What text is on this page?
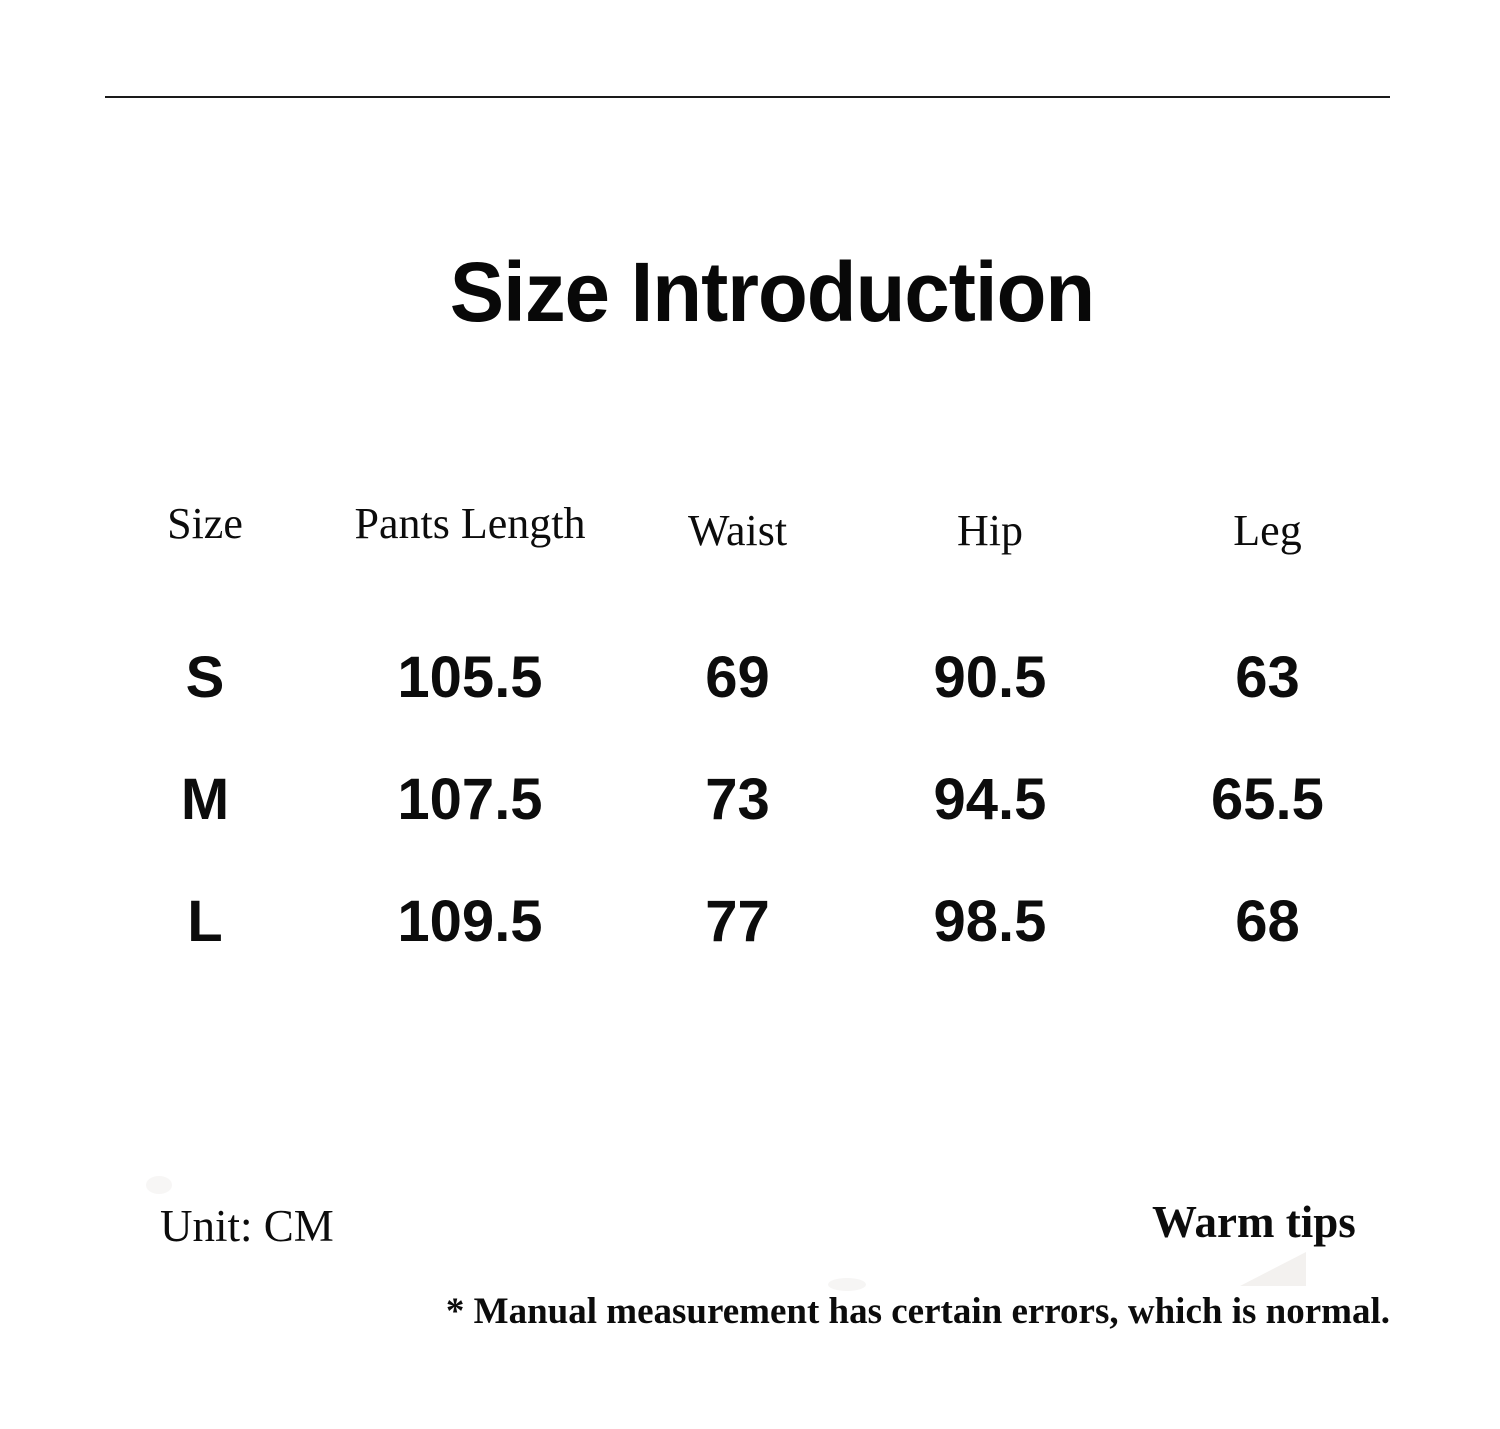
Size Introduction
Size	Pants Length	Waist	Hip	Leg
S	105.5	69	90.5	63
M	107.5	73	94.5	65.5
L	109.5	77	98.5	68
Unit: CM	Warm tips
* Manual measurement has certain errors, which is normal.
